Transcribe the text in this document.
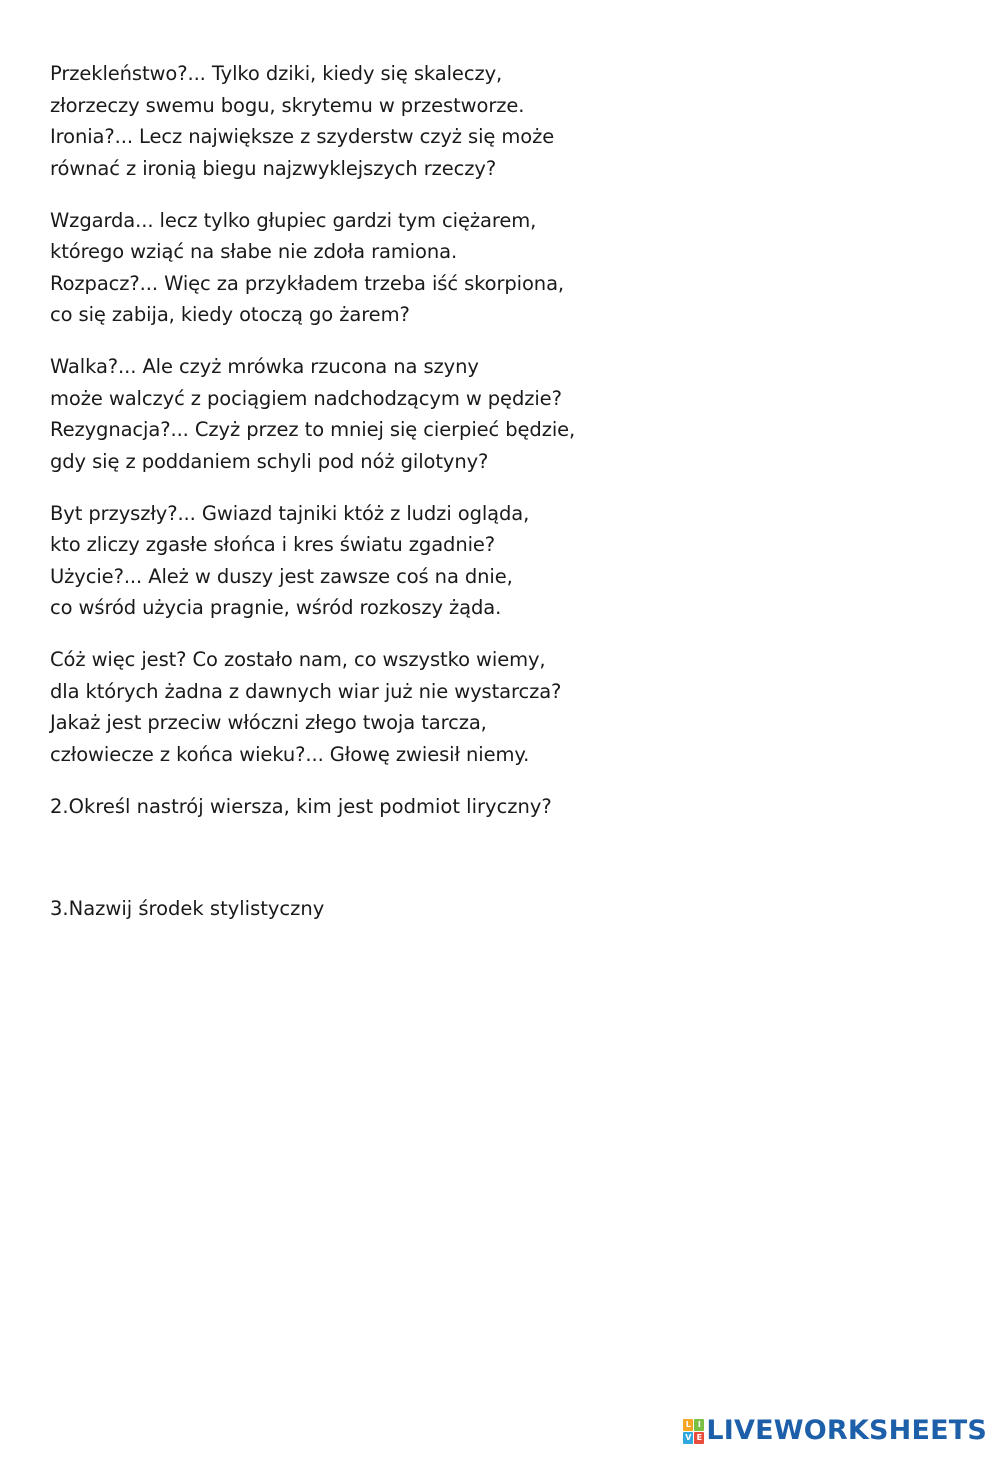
Przekleństwo?... Tylko dziki, kiedy się skaleczy,
złorzeczy swemu bogu, skrytemu w przestworze.
Ironia?... Lecz największe z szyderstw czyż się może
równać z ironią biegu najzwyklejszych rzeczy?
Wzgarda... lecz tylko głupiec gardzi tym ciężarem,
którego wziąć na słabe nie zdoła ramiona.
Rozpacz?... Więc za przykładem trzeba iść skorpiona,
co się zabija, kiedy otoczą go żarem?
Walka?... Ale czyż mrówka rzucona na szyny
może walczyć z pociągiem nadchodzącym w pędzie?
Rezygnacja?... Czyż przez to mniej się cierpieć będzie,
gdy się z poddaniem schyli pod nóż gilotyny?
Byt przyszły?... Gwiazd tajniki któż z ludzi ogląda,
kto zliczy zgasłe słońca i kres światu zgadnie?
Użycie?... Ależ w duszy jest zawsze coś na dnie,
co wśród użycia pragnie, wśród rozkoszy żąda.
Cóż więc jest? Co zostało nam, co wszystko wiemy,
dla których żadna z dawnych wiar już nie wystarcza?
Jakaż jest przeciw włóczni złego twoja tarcza,
człowiecze z końca wieku?... Głowę zwiesił niemy.
2.Określ nastrój wiersza, kim jest podmiot liryczny?
3.Nazwij środek stylistyczny
L I
V E LIVEWORKSHEETS
